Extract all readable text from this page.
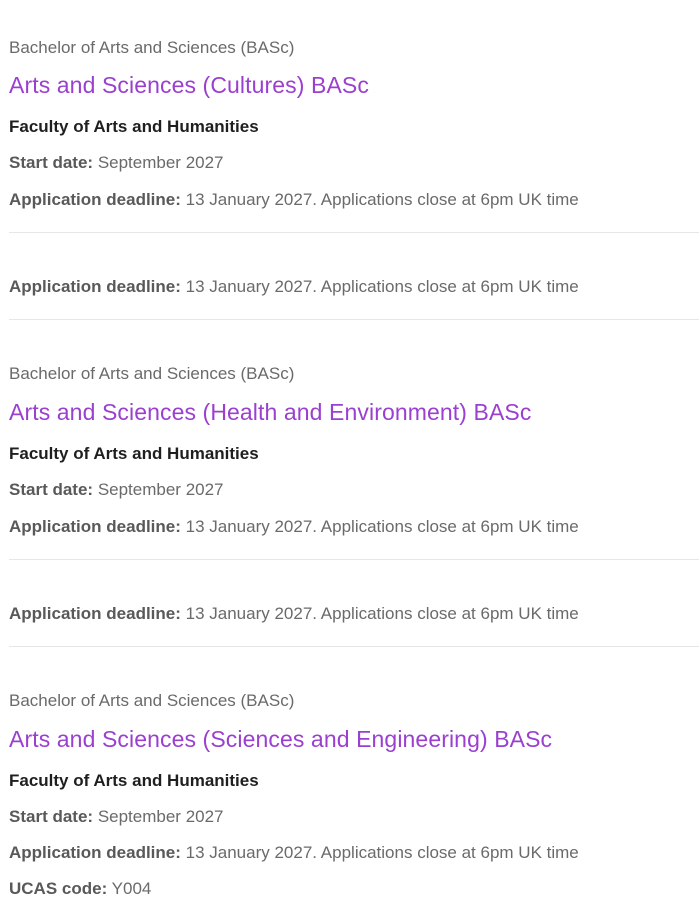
Bachelor of Arts and Sciences (BASc)
Arts and Sciences (Cultures) BASc
Faculty of Arts and Humanities
Start date: September 2027
Application deadline: 13 January 2027. Applications close at 6pm UK time
Application deadline: 13 January 2027. Applications close at 6pm UK time
Bachelor of Arts and Sciences (BASc)
Arts and Sciences (Health and Environment) BASc
Faculty of Arts and Humanities
Start date: September 2027
Application deadline: 13 January 2027. Applications close at 6pm UK time
Application deadline: 13 January 2027. Applications close at 6pm UK time
Bachelor of Arts and Sciences (BASc)
Arts and Sciences (Sciences and Engineering) BASc
Faculty of Arts and Humanities
Start date: September 2027
Application deadline: 13 January 2027. Applications close at 6pm UK time
UCAS code: Y004
